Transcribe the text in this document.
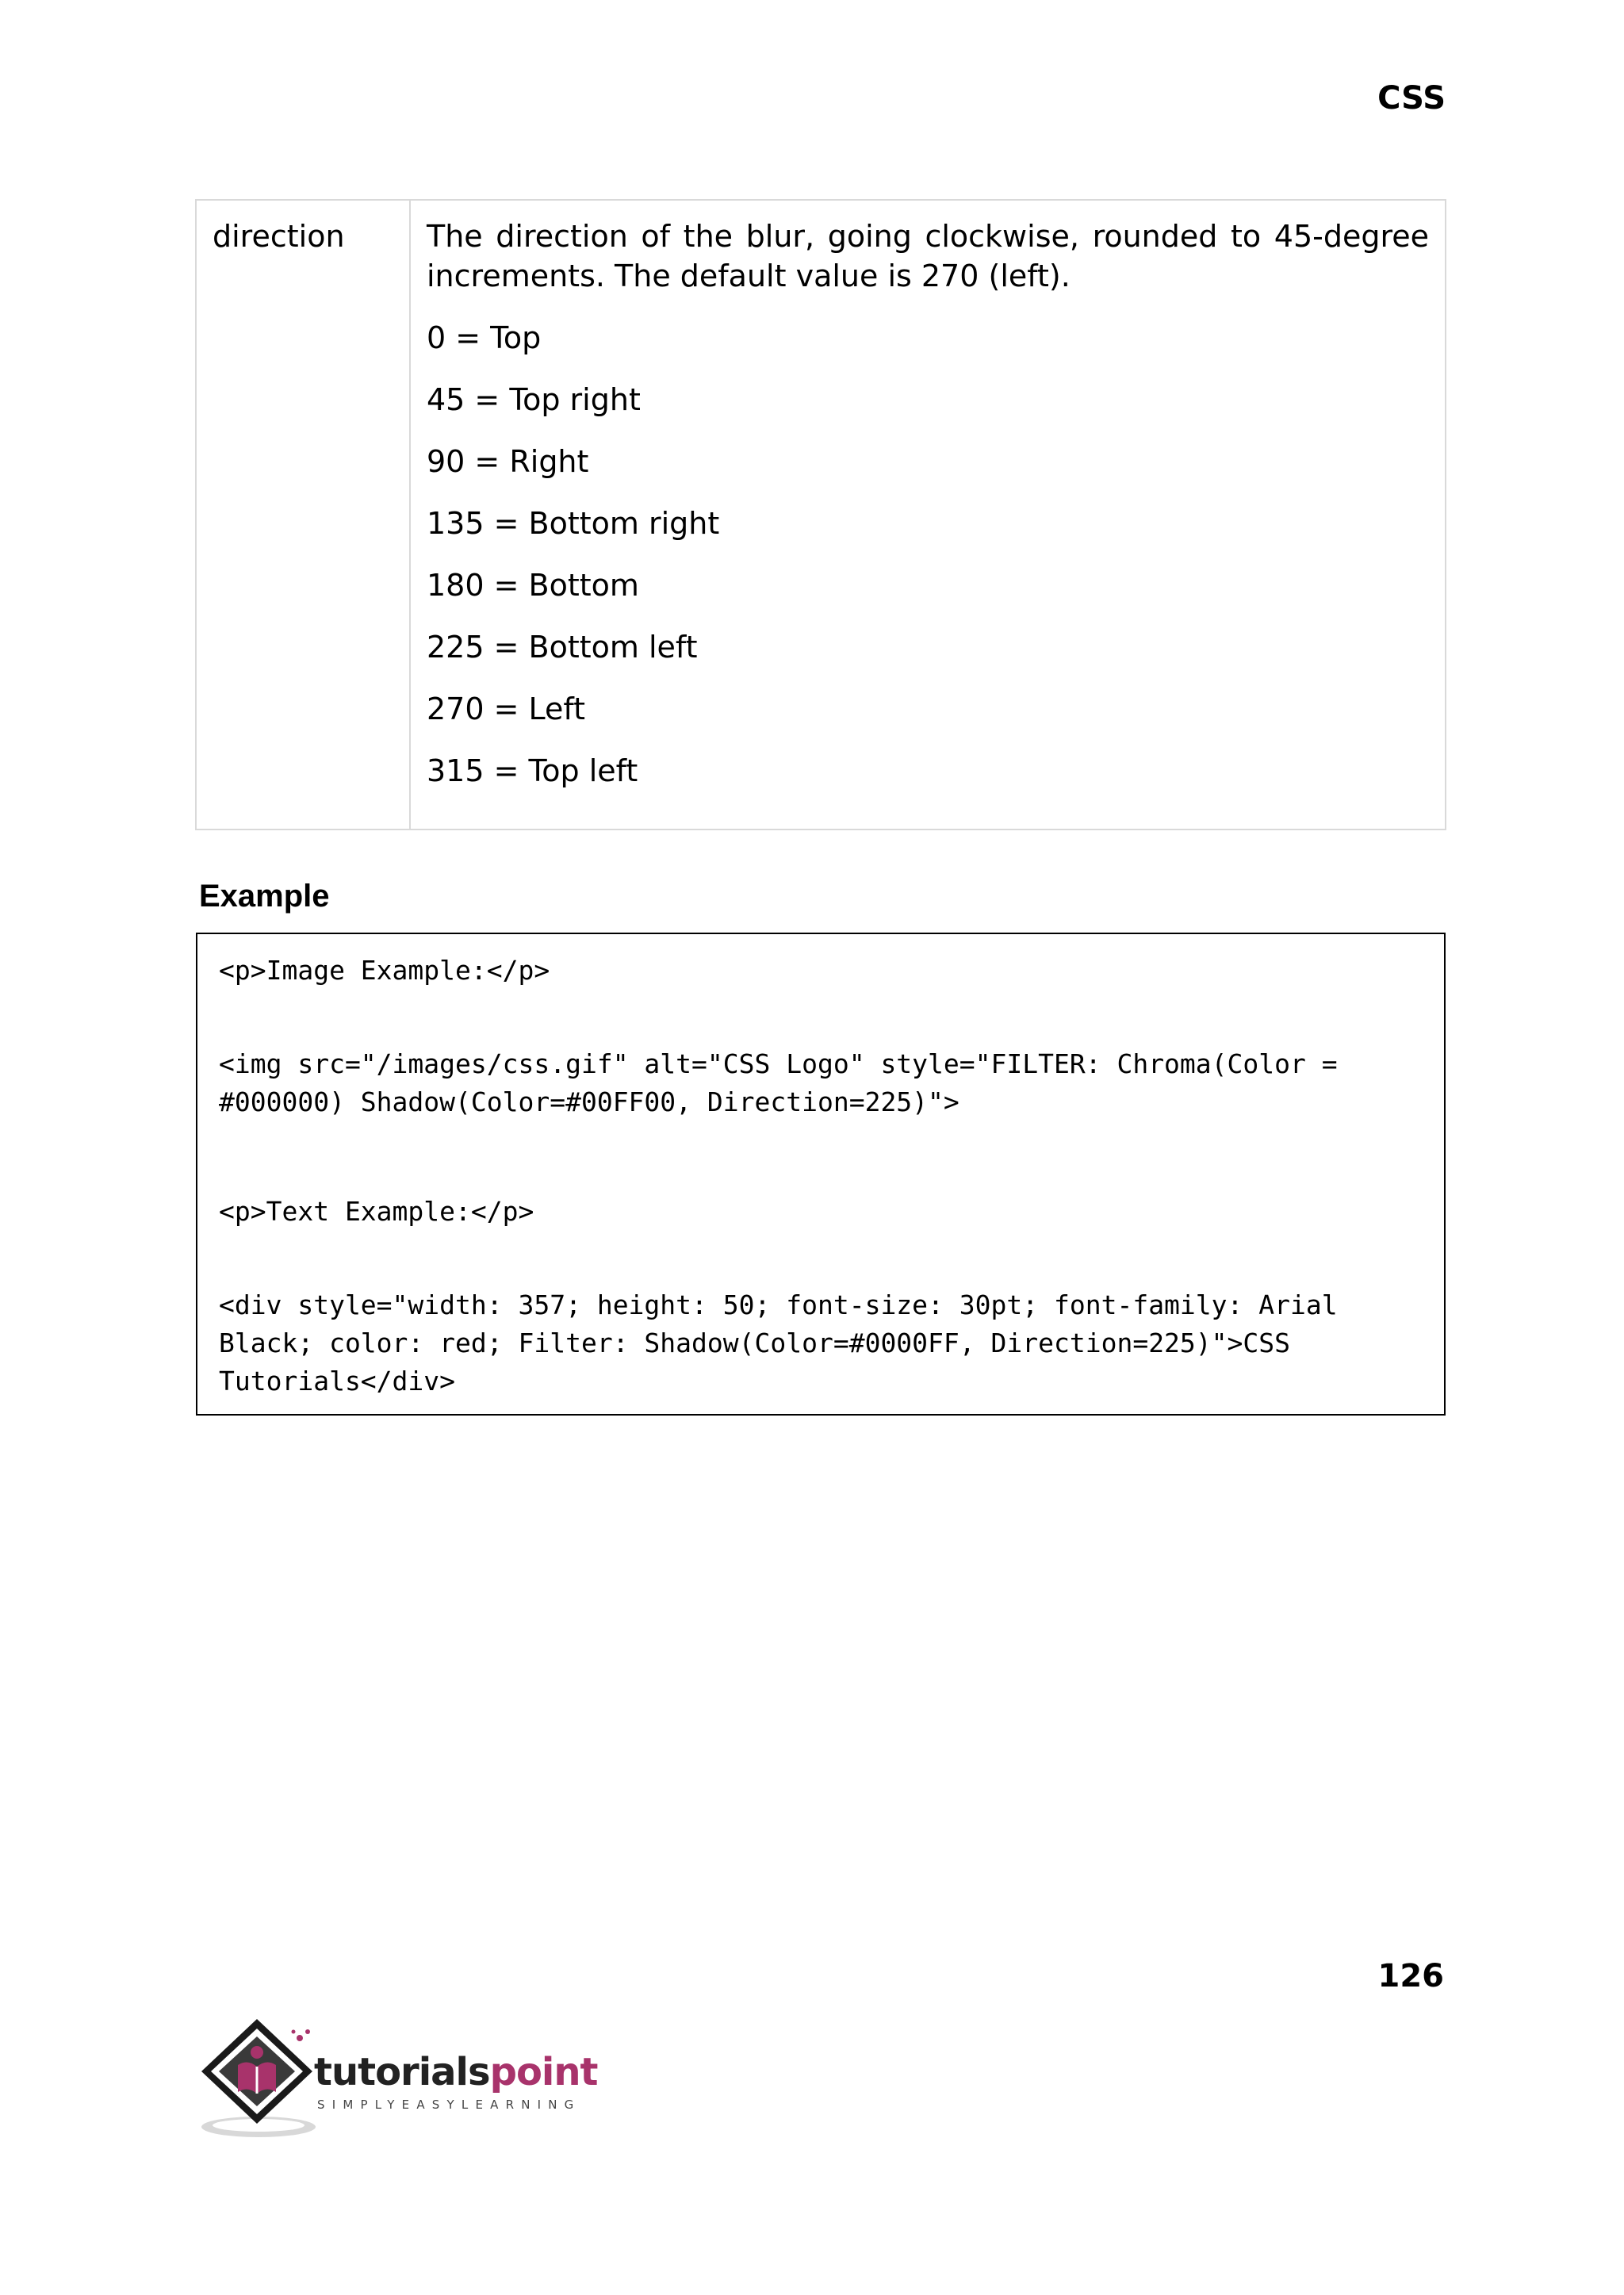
CSS
direction	The direction of the blur, going clockwise, rounded to 45-degree

increments. The default value is 270 (left).

0 = Top

45 = Top right

90 = Right

135 = Bottom right

180 = Bottom

225 = Bottom left

270 = Left

315 = Top left

Example
<p>Image Example:</p>
<img src="/images/css.gif" alt="CSS Logo" style="FILTER: Chroma(Color =
#000000) Shadow(Color=#00FF00, Direction=225)">
<p>Text Example:</p>
<div style="width: 357; height: 50; font-size: 30pt; font-family: Arial
Black; color: red; Filter: Shadow(Color=#0000FF, Direction=225)">CSS
Tutorials</div>
126
tutorialspoint
SIMPLYEASYLEARNING
